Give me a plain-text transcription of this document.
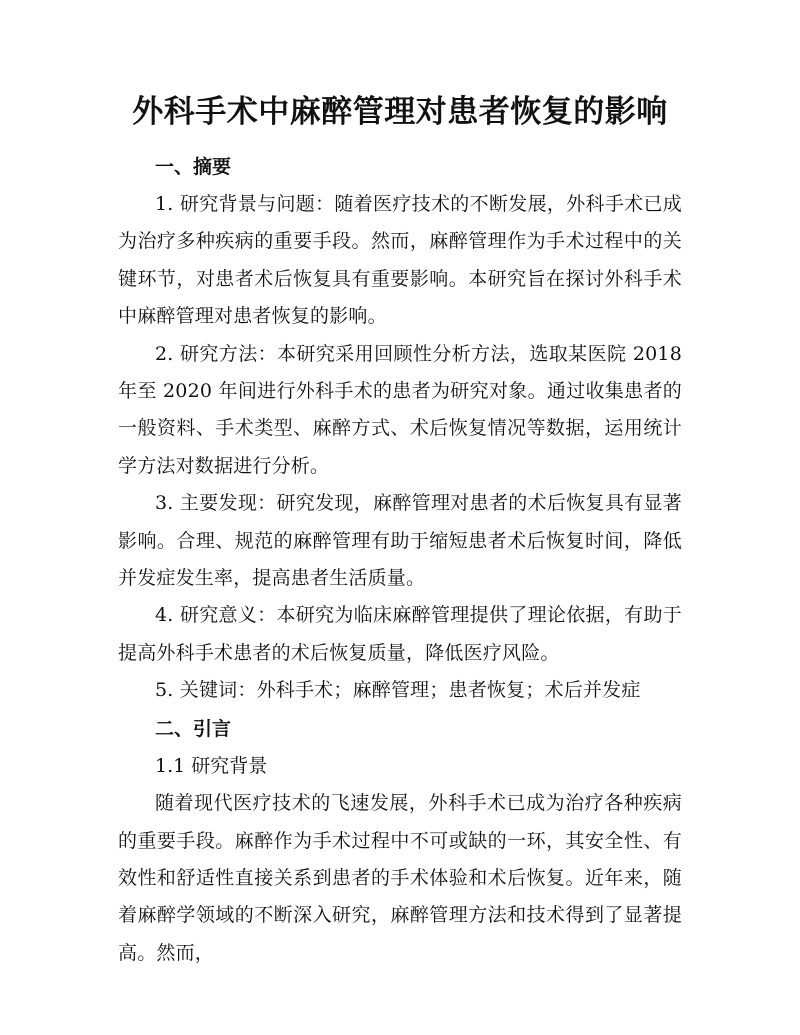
外科手术中麻醉管理对患者恢复的影响
一、摘要

1. 研究背景与问题：随着医疗技术的不断发展，外科手术已成为治疗多种疾病的重要手段。然而，麻醉管理作为手术过程中的关键环节，对患者术后恢复具有重要影响。本研究旨在探讨外科手术中麻醉管理对患者恢复的影响。

2. 研究方法：本研究采用回顾性分析方法，选取某医院 2018 年至 2020 年间进行外科手术的患者为研究对象。通过收集患者的一般资料、手术类型、麻醉方式、术后恢复情况等数据，运用统计学方法对数据进行分析。

3. 主要发现：研究发现，麻醉管理对患者的术后恢复具有显著影响。合理、规范的麻醉管理有助于缩短患者术后恢复时间，降低并发症发生率，提高患者生活质量。

4. 研究意义：本研究为临床麻醉管理提供了理论依据，有助于提高外科手术患者的术后恢复质量，降低医疗风险。

5. 关键词：外科手术；麻醉管理；患者恢复；术后并发症

二、引言

1.1 研究背景

随着现代医疗技术的飞速发展，外科手术已成为治疗各种疾病的重要手段。麻醉作为手术过程中不可或缺的一环，其安全性、有效性和舒适性直接关系到患者的手术体验和术后恢复。近年来，随着麻醉学领域的不断深入研究，麻醉管理方法和技术得到了显著提高。然而，
